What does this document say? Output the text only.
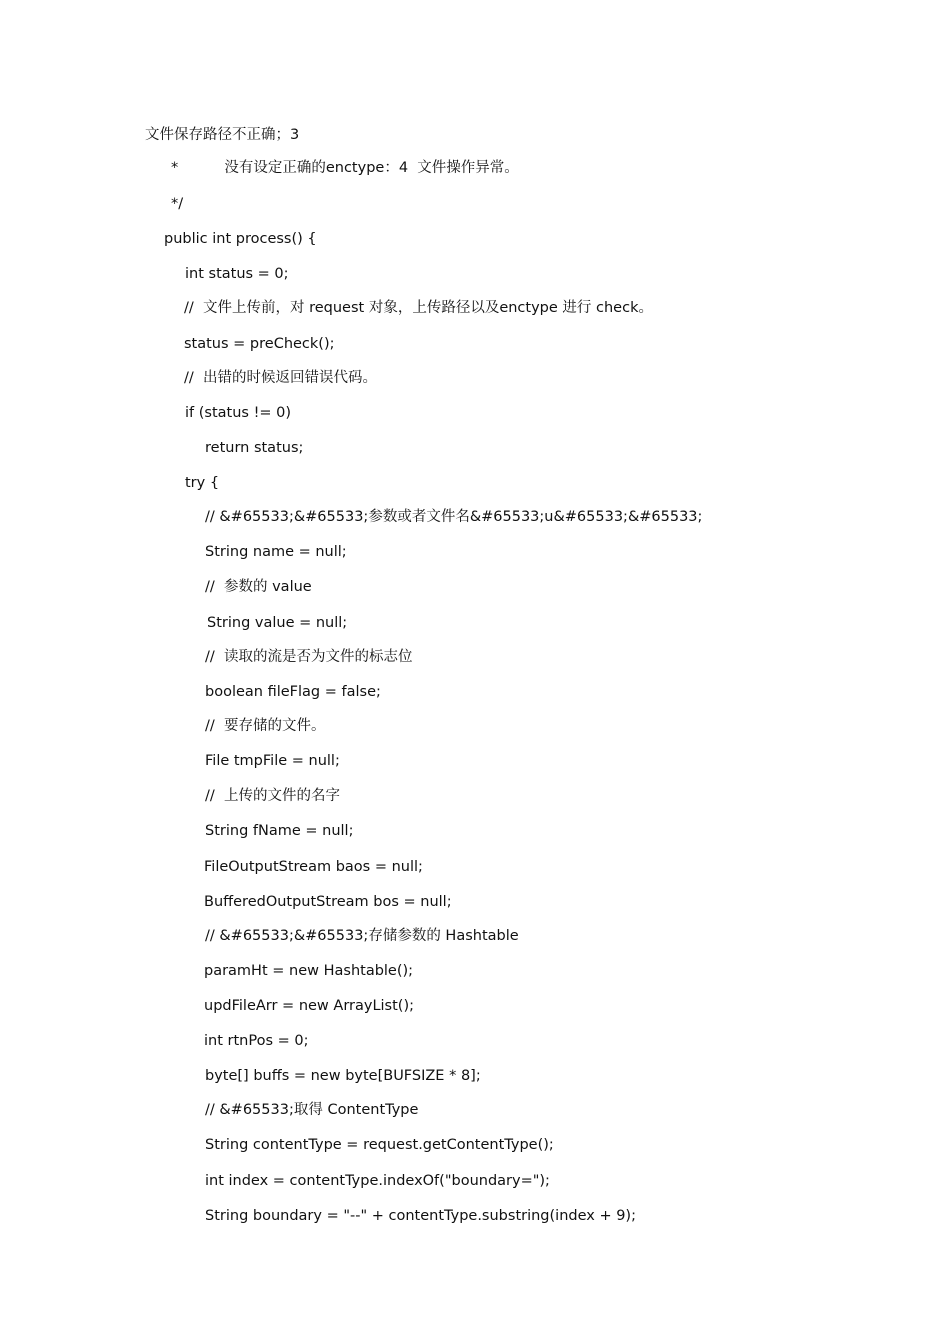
文件保存路径不正确；3
*          没有设定正确的enctype：4  文件操作异常。
*/
public int process() {
int status = 0;
//  文件上传前，对 request 对象，上传路径以及enctype 进行 check。
status = preCheck();
//  出错的时候返回错误代码。
if (status != 0)
return status;
try {
// &#65533;&#65533;参数或者文件名&#65533;u&#65533;&#65533;
String name = null;
//  参数的 value
String value = null;
//  读取的流是否为文件的标志位
boolean fileFlag = false;
//  要存储的文件。
File tmpFile = null;
//  上传的文件的名字
String fName = null;
FileOutputStream baos = null;
BufferedOutputStream bos = null;
// &#65533;&#65533;存储参数的 Hashtable
paramHt = new Hashtable();
updFileArr = new ArrayList();
int rtnPos = 0;
byte[] buffs = new byte[BUFSIZE * 8];
// &#65533;取得 ContentType
String contentType = request.getContentType();
int index = contentType.indexOf("boundary=");
String boundary = "--" + contentType.substring(index + 9);
